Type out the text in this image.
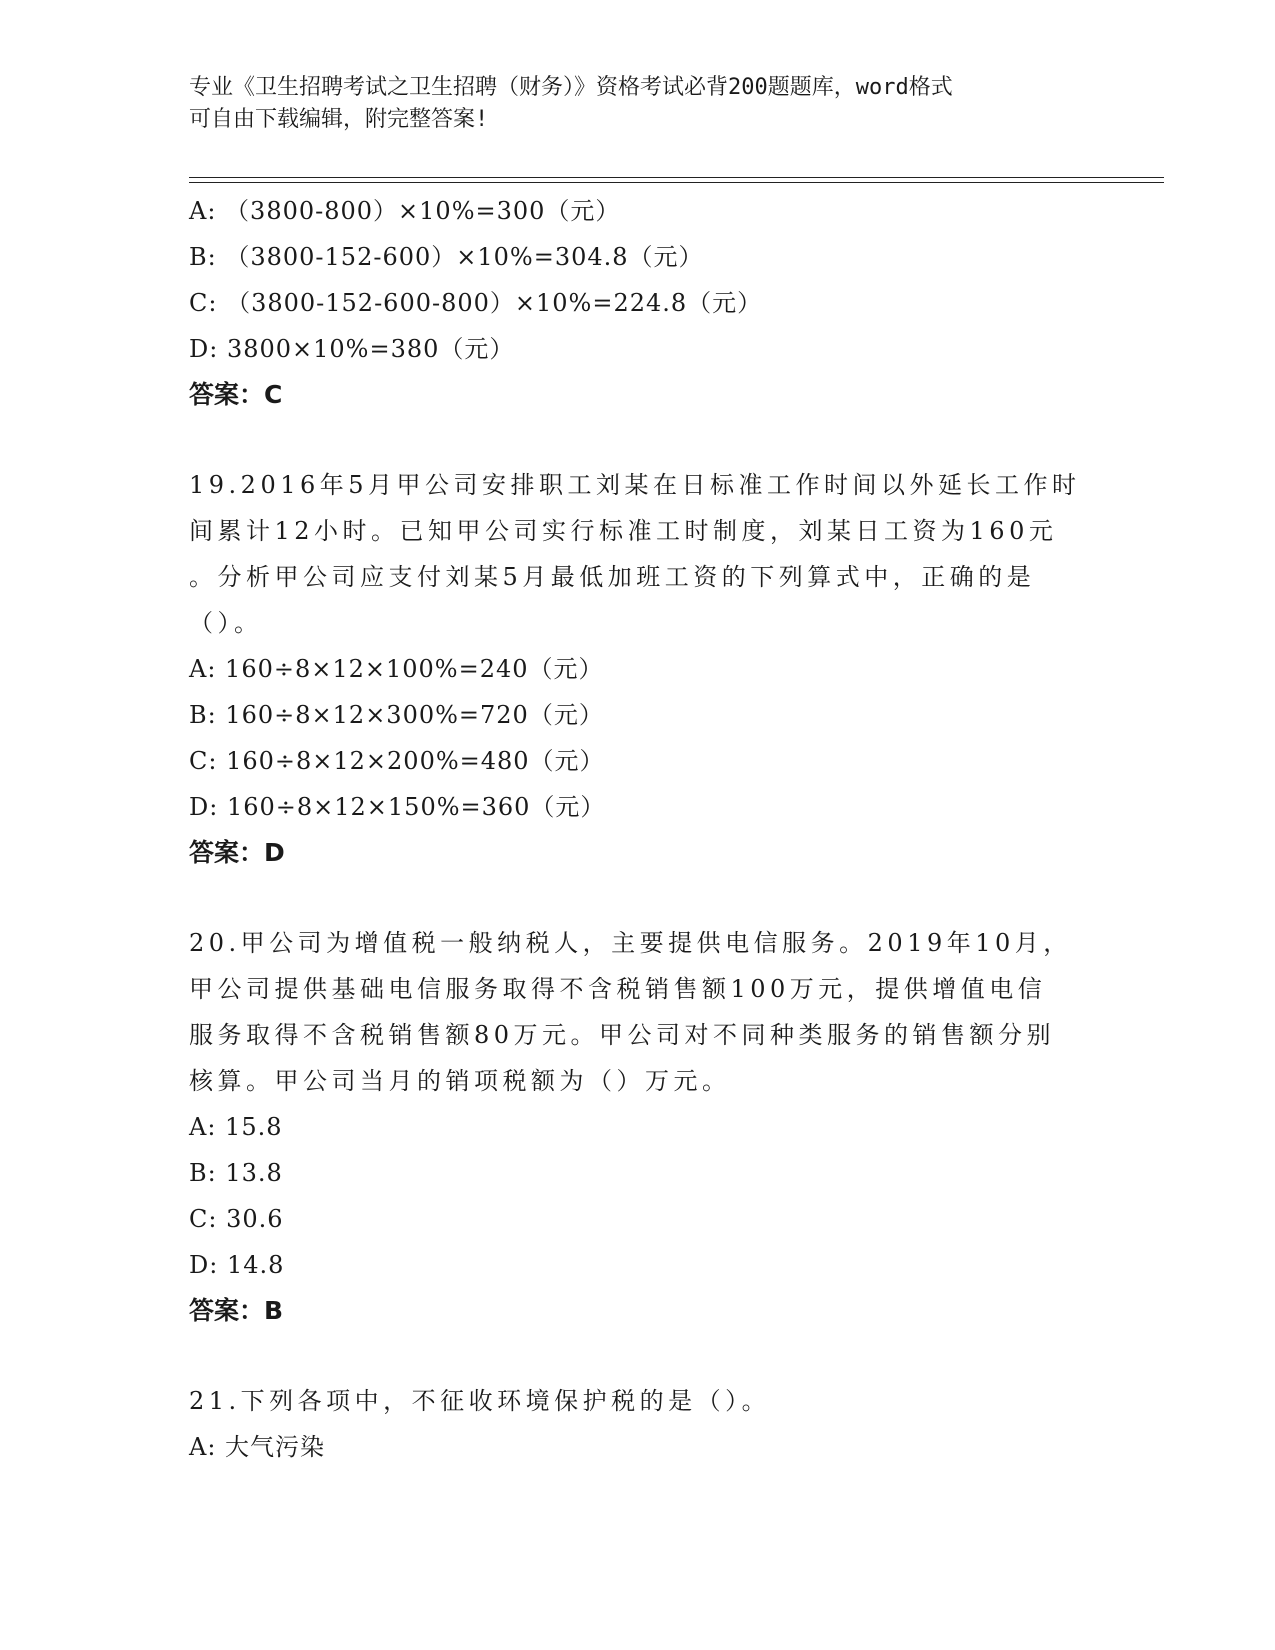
专业《卫生招聘考试之卫生招聘（财务）》资格考试必背200题题库，word格式
可自由下载编辑，附完整答案!
A: （3800-800）×10%=300（元）
B: （3800-152-600）×10%=304.8（元）
C: （3800-152-600-800）×10%=224.8（元）
D: 3800×10%=380（元）
答案：C
19.2016年5月甲公司安排职工刘某在日标准工作时间以外延长工作时
间累计12小时。已知甲公司实行标准工时制度，刘某日工资为160元
。分析甲公司应支付刘某5月最低加班工资的下列算式中，正确的是
（）。
A: 160÷8×12×100%=240（元）
B: 160÷8×12×300%=720（元）
C: 160÷8×12×200%=480（元）
D: 160÷8×12×150%=360（元）
答案：D
20.甲公司为增值税一般纳税人，主要提供电信服务。2019年10月，
甲公司提供基础电信服务取得不含税销售额100万元，提供增值电信
服务取得不含税销售额80万元。甲公司对不同种类服务的销售额分别
核算。甲公司当月的销项税额为（）万元。
A: 15.8
B: 13.8
C: 30.6
D: 14.8
答案：B
21.下列各项中，不征收环境保护税的是（）。
A: 大气污染
